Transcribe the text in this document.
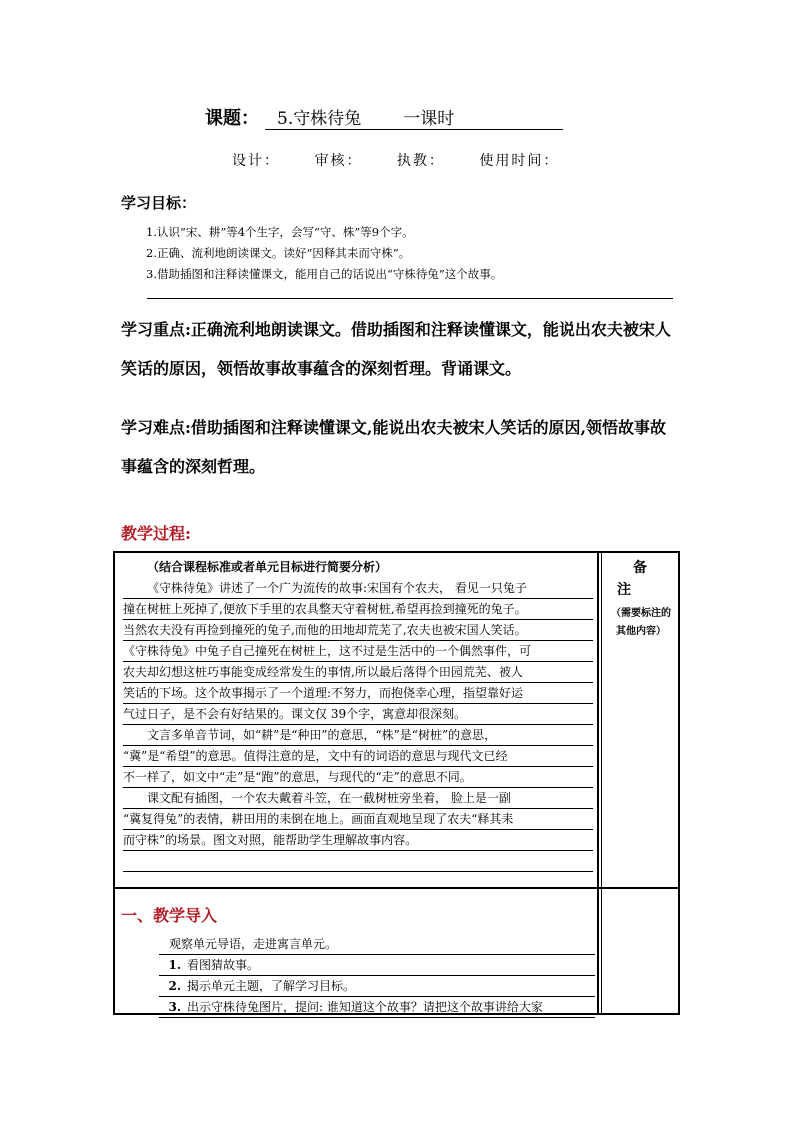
课题： 5.守株待兔 一课时
设计： 审核： 执教： 使用时间：
学习目标：
1.认识“宋、耕”等4个生字，会写“守、株”等9个字。
2.正确、流利地朗读课文。读好“因释其耒而守株”。
3.借助插图和注释读懂课文，能用自己的话说出“守株待兔”这个故事。
学习重点:正确流利地朗读课文。借助插图和注释读懂课文，能说出农夫被宋人笑话的原因，领悟故事故事蕴含的深刻哲理。背诵课文。
学习难点:借助插图和注释读懂课文,能说出农夫被宋人笑话的原因,领悟故事故事蕴含的深刻哲理。
教学过程:
（结合课程标准或者单元目标进行简要分析）
《守株待兔》讲述了一个广为流传的故事:宋国有个农夫， 看见一只兔子
撞在树桩上死掉了,便放下手里的农具整天守着树桩,希望再捡到撞死的兔子。
当然农夫没有再捡到撞死的兔子,而他的田地却荒芜了,农夫也被宋国人笑话。
《守株待兔》中兔子自己撞死在树桩上，这不过是生活中的一个偶然事件，可
农夫却幻想这桩巧事能变成经常发生的事情,所以最后落得个田园荒芜、被人
笑话的下场。这个故事揭示了一个道理:不努力，而抱侥幸心理，指望靠好运
气过日子，是不会有好结果的。课文仅 39个字，寓意却很深刻。
文言多单音节词，如“耕”是“种田”的意思，“株”是“树桩”的意思，
“冀”是“希望”的意思。值得注意的是，文中有的词语的意思与现代文已经
不一样了，如文中“走”是“跑”的意思，与现代的“走”的意思不同。
课文配有插图，一个农夫戴着斗笠，在一截树桩旁坐着， 脸上是一副
“冀复得兔”的表情，耕田用的耒倒在地上。画面直观地呈现了农夫“释其耒
而守株”的场景。图文对照，能帮助学生理解故事内容。
备
注
（需要标注的其他内容）
一、教学导入
观察单元导语，走进寓言单元。
1. 看图猜故事。
2. 揭示单元主题，了解学习目标。
3. 出示守株待兔图片，提问: 谁知道这个故事？请把这个故事讲给大家
